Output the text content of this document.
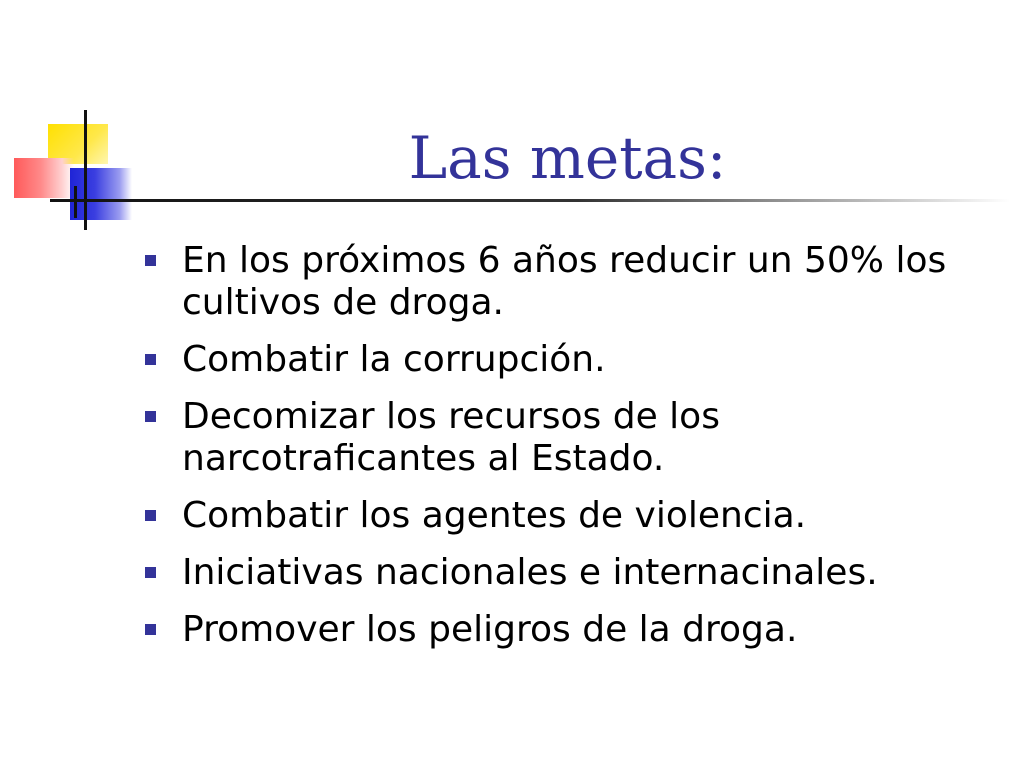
Las metas:
En los próximos 6 años reducir un 50% los cultivos de droga.
Combatir la corrupción.
Decomizar los recursos de los narcotraficantes al Estado.
Combatir los agentes de violencia.
Iniciativas nacionales e internacinales.
Promover los peligros de la droga.
